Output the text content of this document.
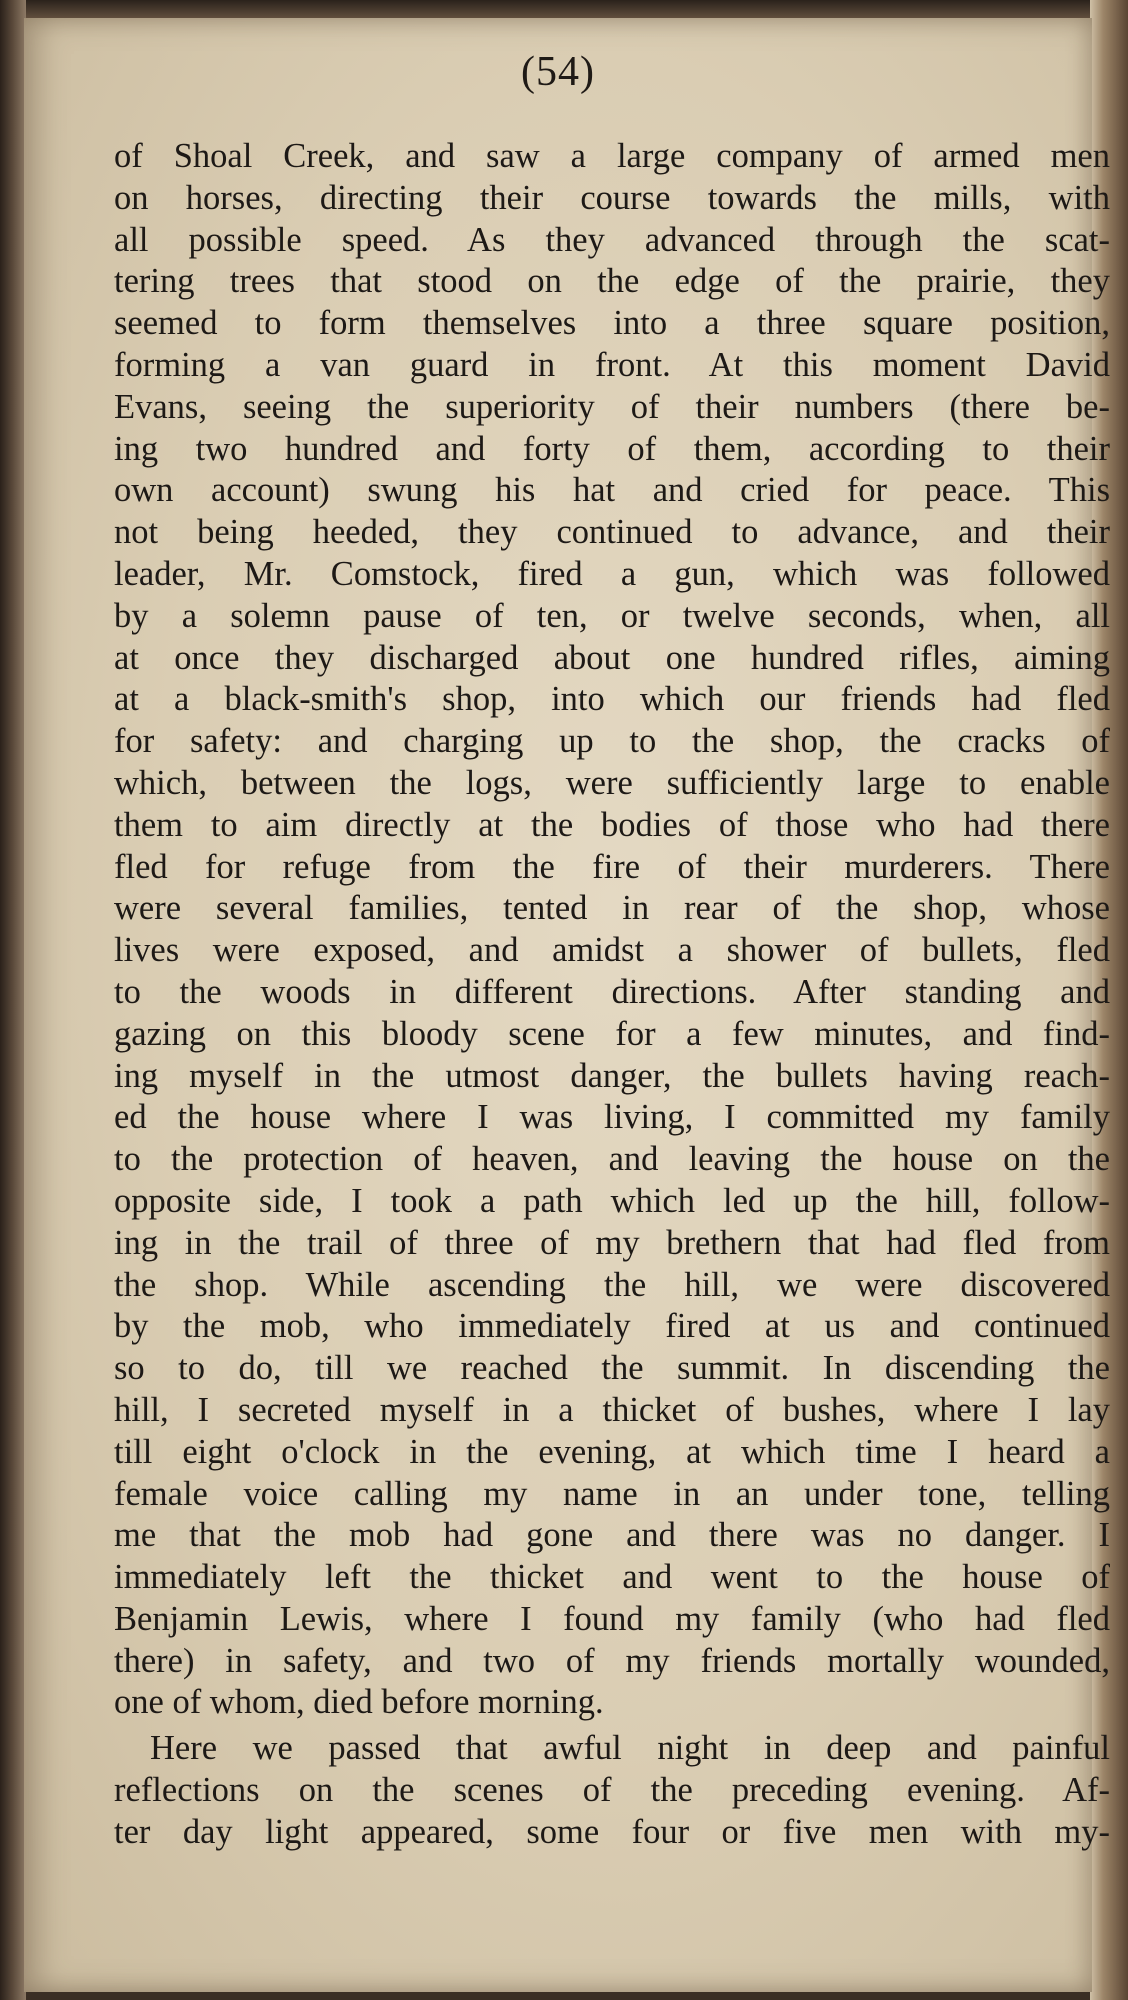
(54)
of Shoal Creek, and saw a large company of armed men
on horses, directing their course towards the mills, with
all possible speed. As they advanced through the scat-
tering trees that stood on the edge of the prairie, they
seemed to form themselves into a three square position,
forming a van guard in front. At this moment David
Evans, seeing the superiority of their numbers (there be-
ing two hundred and forty of them, according to their
own account) swung his hat and cried for peace. This
not being heeded, they continued to advance, and their
leader, Mr. Comstock, fired a gun, which was followed
by a solemn pause of ten, or twelve seconds, when, all
at once they discharged about one hundred rifles, aiming
at a black-smith's shop, into which our friends had fled
for safety: and charging up to the shop, the cracks of
which, between the logs, were sufficiently large to enable
them to aim directly at the bodies of those who had there
fled for refuge from the fire of their murderers. There
were several families, tented in rear of the shop, whose
lives were exposed, and amidst a shower of bullets, fled
to the woods in different directions. After standing and
gazing on this bloody scene for a few minutes, and find-
ing myself in the utmost danger, the bullets having reach-
ed the house where I was living, I committed my family
to the protection of heaven, and leaving the house on the
opposite side, I took a path which led up the hill, follow-
ing in the trail of three of my brethern that had fled from
the shop. While ascending the hill, we were discovered
by the mob, who immediately fired at us and continued
so to do, till we reached the summit. In discending the
hill, I secreted myself in a thicket of bushes, where I lay
till eight o'clock in the evening, at which time I heard a
female voice calling my name in an under tone, telling
me that the mob had gone and there was no danger. I
immediately left the thicket and went to the house of
Benjamin Lewis, where I found my family (who had fled
there) in safety, and two of my friends mortally wounded,
one of whom, died before morning.
Here we passed that awful night in deep and painful
reflections on the scenes of the preceding evening. Af-
ter day light appeared, some four or five men with my-
